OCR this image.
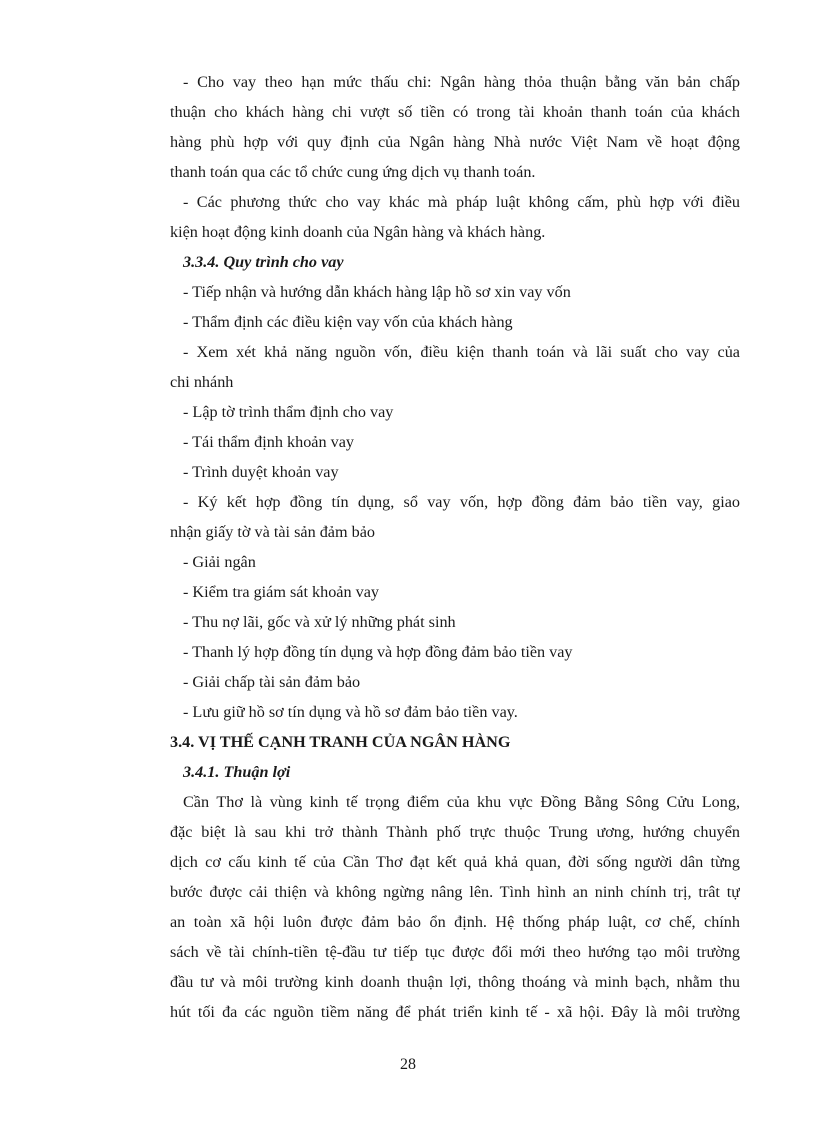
- Cho vay theo hạn mức thấu chi: Ngân hàng thỏa thuận bằng văn bản chấp
thuận cho khách hàng chi vượt số tiền có trong tài khoản thanh toán của khách
hàng phù hợp với quy định của Ngân hàng Nhà nước Việt Nam về hoạt động
thanh toán qua các tổ chức cung ứng dịch vụ thanh toán.
- Các phương thức cho vay khác mà pháp luật không cấm, phù hợp với điều
kiện hoạt động kinh doanh của Ngân hàng và khách hàng.
3.3.4. Quy trình cho vay
- Tiếp nhận và hướng dẫn khách hàng lập hồ sơ xin vay vốn
- Thẩm định các điều kiện vay vốn của khách hàng
- Xem xét khả năng nguồn vốn, điều kiện thanh toán và lãi suất cho vay của
chi nhánh
- Lập tờ trình thẩm định cho vay
- Tái thẩm định khoản vay
- Trình duyệt khoản vay
- Ký kết hợp đồng tín dụng, sổ vay vốn, hợp đồng đảm bảo tiền vay, giao
nhận giấy tờ và tài sản đảm bảo
- Giải ngân
- Kiểm tra giám sát khoản vay
- Thu nợ lãi, gốc và xử lý những phát sinh
- Thanh lý hợp đồng tín dụng và hợp đồng đảm bảo tiền vay
- Giải chấp tài sản đảm bảo
- Lưu giữ hồ sơ tín dụng và hồ sơ đảm bảo tiền vay.
3.4. VỊ THẾ CẠNH TRANH CỦA NGÂN HÀNG
3.4.1. Thuận lợi
Cần Thơ là vùng kinh tế trọng điểm của khu vực Đồng Bằng Sông Cửu Long,
đặc biệt là sau khi trở thành Thành phố trực thuộc Trung ương, hướng chuyển
dịch cơ cấu kinh tế của Cần Thơ đạt kết quả khả quan, đời sống người dân từng
bước được cải thiện và không ngừng nâng lên. Tình hình an ninh chính trị, trât tự
an toàn xã hội luôn được đảm bảo ổn định. Hệ thống pháp luật, cơ chế, chính
sách về tài chính-tiền tệ-đầu tư tiếp tục được đổi mới theo hướng tạo môi trường
đầu tư và môi trường kinh doanh thuận lợi, thông thoáng và minh bạch, nhằm thu
hút tối đa các nguồn tiềm năng để phát triển kinh tế - xã hội. Đây là môi trường
28
